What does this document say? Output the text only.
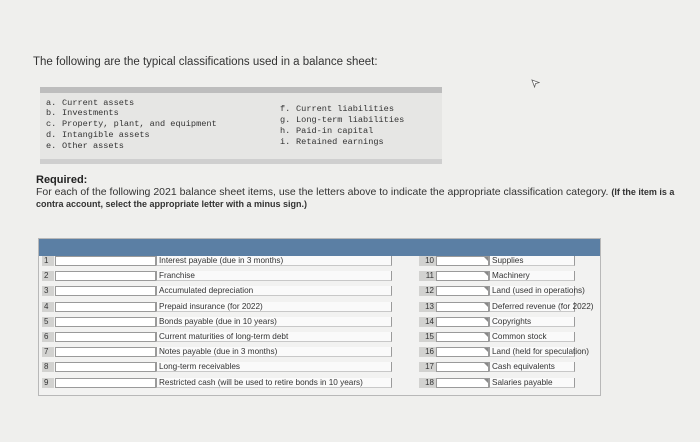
The following are the typical classifications used in a balance sheet:

a. Current assets
b. Investments
c. Property, plant, and equipment
d. Intangible assets
e. Other assets
f. Current liabilities
g. Long-term liabilities
h. Paid-in capital
i. Retained earnings

Required:

For each of the following 2021 balance sheet items, use the letters above to indicate the appropriate classification category. (If the item is a contra account, select the appropriate letter with a minus sign.)

1	Interest payable (due in 3 months)	10	Supplies
2	Franchise	11	Machinery
3	Accumulated depreciation	12	Land (used in operations)
4	Prepaid insurance (for 2022)	13	Deferred revenue (for 2022)
5	Bonds payable (due in 10 years)	14	Copyrights
6	Current maturities of long-term debt	15	Common stock
7	Notes payable (due in 3 months)	16	Land (held for speculation)
8	Long-term receivables	17	Cash equivalents
9	Restricted cash (will be used to retire bonds in 10 years)	18	Salaries payable
